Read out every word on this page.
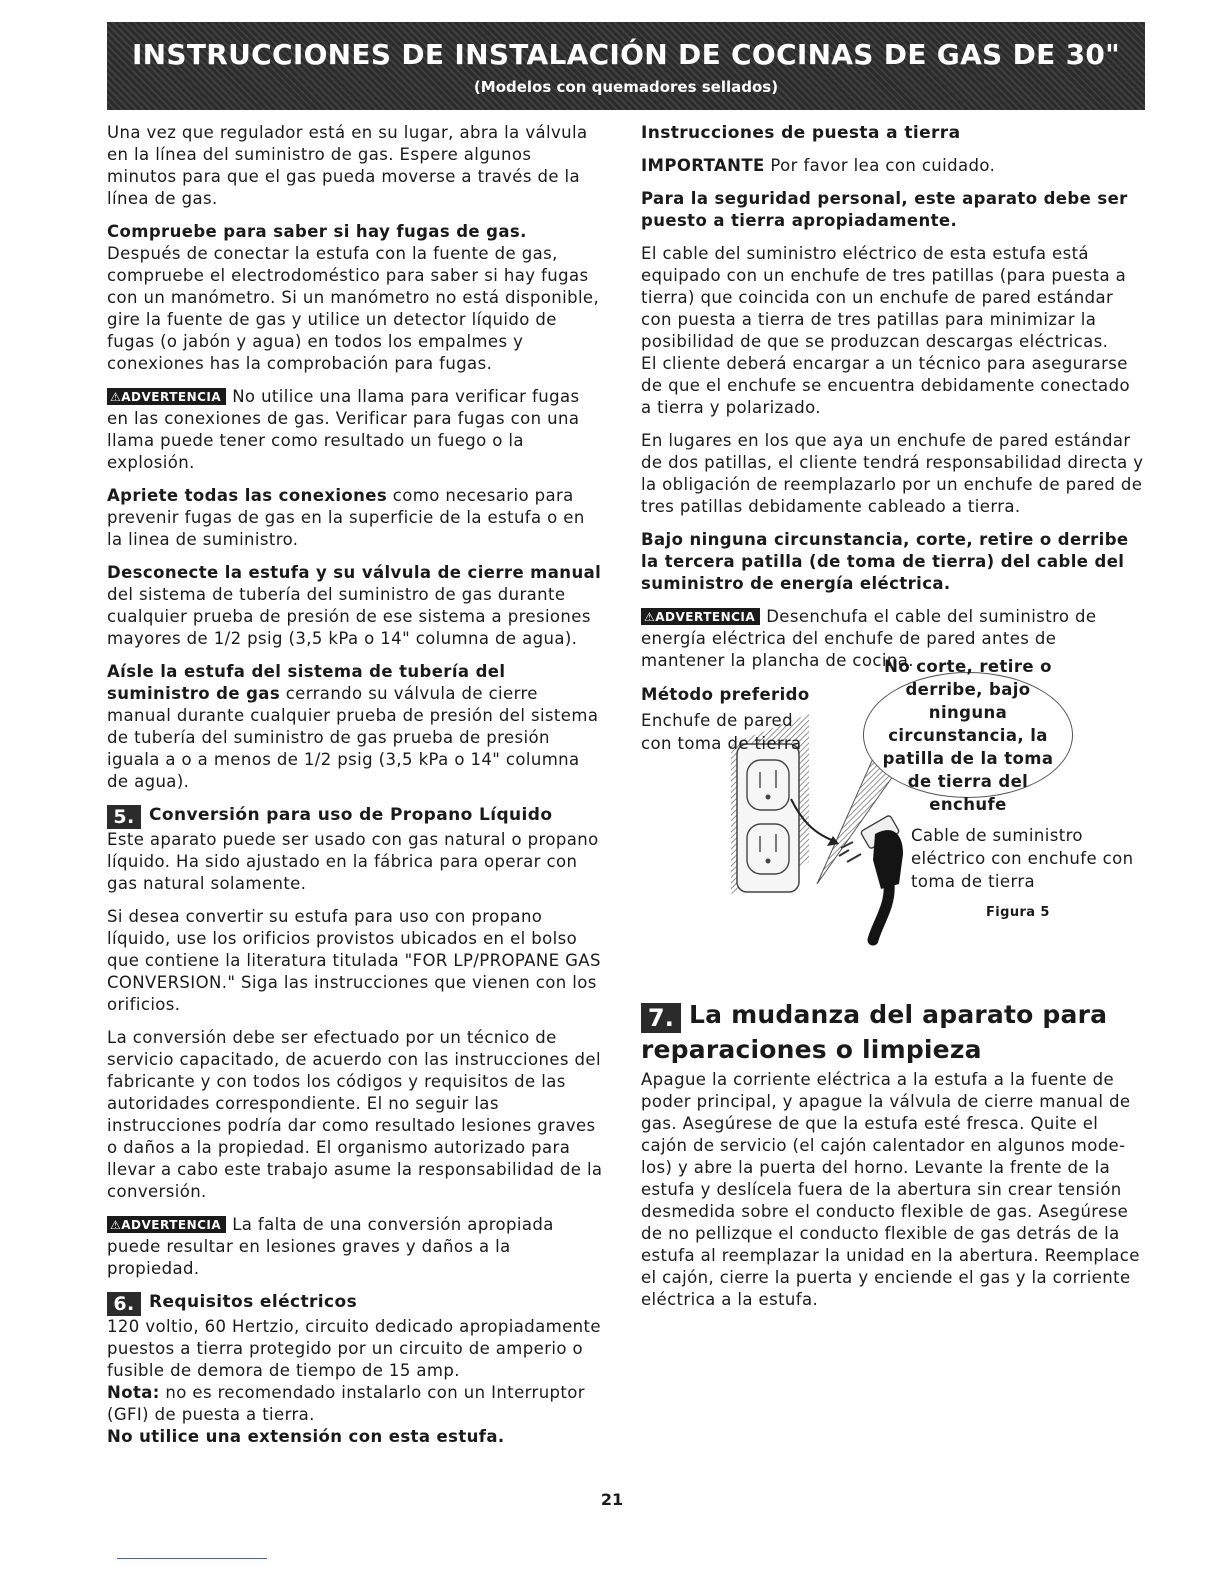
INSTRUCCIONES DE INSTALACIÓN DE COCINAS DE GAS DE 30"
(Modelos con quemadores sellados)

Una vez que regulador está en su lugar, abra la válvula en la línea del suministro de gas. Espere algunos minutos para que el gas pueda moverse a través de la línea de gas.

Compruebe para saber si hay fugas de gas. Después de conectar la estufa con la fuente de gas, compruebe el electrodoméstico para saber si hay fugas con un manómetro. Si un manómetro no está disponible, gire la fuente de gas y utilice un detector líquido de fugas (o jabón y agua) en todos los empalmes y conexiones has la comprobación para fugas.

⚠ADVERTENCIA No utilice una llama para verificar fugas en las conexiones de gas. Verificar para fugas con una llama puede tener como resultado un fuego o la explosión.

Apriete todas las conexiones como necesario para prevenir fugas de gas en la superficie de la estufa o en la linea de suministro.

Desconecte la estufa y su válvula de cierre manual del sistema de tubería del suministro de gas durante cualquier prueba de presión de ese sistema a presiones mayores de 1/2 psig (3,5 kPa o 14" columna de agua).

Aísle la estufa del sistema de tubería del suministro de gas cerrando su válvula de cierre manual durante cualquier prueba de presión del sistema de tubería del suministro de gas prueba de presión iguala a o a menos de 1/2 psig (3,5 kPa o 14" columna de agua).

5. Conversión para uso de Propano Líquido

Este aparato puede ser usado con gas natural o propano líquido. Ha sido ajustado en la fábrica para operar con gas natural solamente.

Si desea convertir su estufa para uso con propano líquido, use los orificios provistos ubicados en el bolso que contiene la literatura titulada "FOR LP/PROPANE GAS CONVERSION." Siga las instrucciones que vienen con los orificios.

La conversión debe ser efectuado por un técnico de servicio capacitado, de acuerdo con las instrucciones del fabricante y con todos los códigos y requisitos de las autoridades correspondiente. El no seguir las instrucciones podría dar como resultado lesiones graves o daños a la propiedad. El organismo autorizado para llevar a cabo este trabajo asume la responsabilidad de la conversión.

⚠ADVERTENCIA La falta de una conversión apropiada puede resultar en lesiones graves y daños a la propiedad.

6. Requisitos eléctricos
120 voltio, 60 Hertzio, circuito dedicado apropiadamente puestos a tierra protegido por un circuito de amperio o fusible de demora de tiempo de 15 amp.
Nota: no es recomendado instalarlo con un Interruptor (GFI) de puesta a tierra.
No utilice una extensión con esta estufa.

Instrucciones de puesta a tierra

IMPORTANTE Por favor lea con cuidado.

Para la seguridad personal, este aparato debe ser puesto a tierra apropiadamente.

El cable del suministro eléctrico de esta estufa está equipado con un enchufe de tres patillas (para puesta a tierra) que coincida con un enchufe de pared estándar con puesta a tierra de tres patillas para minimizar la posibilidad de que se produzcan descargas eléctricas.
El cliente deberá encargar a un técnico para asegurarse de que el enchufe se encuentra debidamente conectado a tierra y polarizado.

En lugares en los que aya un enchufe de pared estándar de dos patillas, el cliente tendrá responsabilidad directa y la obligación de reemplazarlo por un enchufe de pared de tres patillas debidamente cableado a tierra.

Bajo ninguna circunstancia, corte, retire o derribe la tercera patilla (de toma de tierra) del cable del suministro de energía eléctrica.

⚠ADVERTENCIA Desenchufa el cable del suministro de energía eléctrica del enchufe de pared antes de mantener la plancha de cocina.

Método preferido
Enchufe de pared con toma de tierra
No corte, retire o derribe, bajo ninguna circunstancia, la patilla de la toma de tierra del enchufe
Cable de suministro eléctrico con enchufe con toma de tierra
Figura 5
7. La mudanza del aparato para reparaciones o limpieza
Apague la corriente eléctrica a la estufa a la fuente de poder principal, y apague la válvula de cierre manual de gas. Asegúrese de que la estufa esté fresca. Quite el cajón de servicio (el cajón calentador en algunos mode-los) y abre la puerta del horno. Levante la frente de la estufa y deslícela fuera de la abertura sin crear tensión desmedida sobre el conducto flexible de gas. Asegúrese de no pellizque el conducto flexible de gas detrás de la estufa al reemplazar la unidad en la abertura. Reemplace el cajón, cierre la puerta y enciende el gas y la corriente eléctrica a la estufa.
21
